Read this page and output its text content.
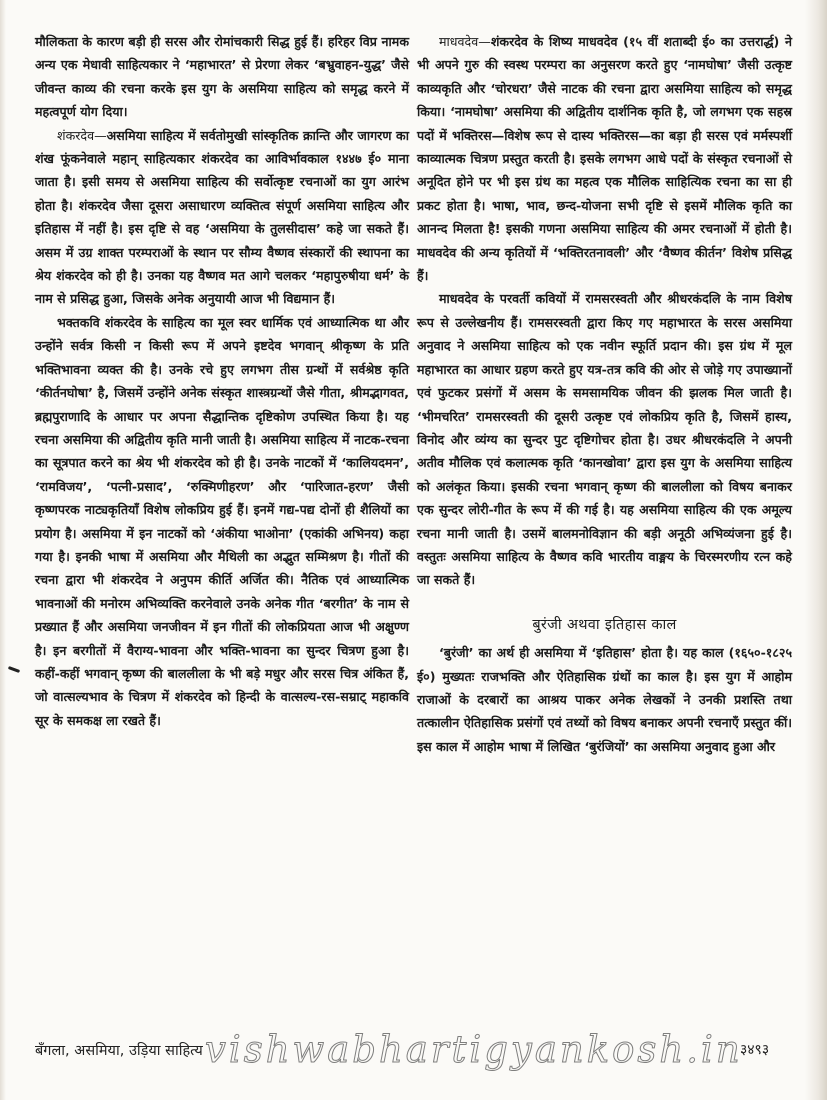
मौलिकता के कारण बड़ी ही सरस और रोमांचकारी सिद्ध हुई हैं। हरिहर विप्र नामक अन्य एक मेधावी साहित्यकार ने ‘महाभारत’ से प्रेरणा लेकर ‘बभ्रुवाहन-युद्ध’ जैसे जीवन्त काव्य की रचना करके इस युग के असमिया साहित्य को समृद्ध करने में महत्वपूर्ण योग दिया।

शंकरदेव—असमिया साहित्य में सर्वतोमुखी सांस्कृतिक क्रान्ति और जागरण का शंख फूंकनेवाले महान् साहित्यकार शंकरदेव का आविर्भावकाल १४४७ ई० माना जाता है। इसी समय से असमिया साहित्य की सर्वोत्कृष्ट रचनाओं का युग आरंभ होता है। शंकरदेव जैसा दूसरा असाधारण व्यक्तित्व संपूर्ण असमिया साहित्य और इतिहास में नहीं है। इस दृष्टि से वह ‘असमिया के तुलसीदास’ कहे जा सकते हैं। असम में उग्र शाक्त परम्पराओं के स्थान पर सौम्य वैष्णव संस्कारों की स्थापना का श्रेय शंकरदेव को ही है। उनका यह वैष्णव मत आगे चलकर ‘महापुरुषीया धर्म’ के नाम से प्रसिद्ध हुआ, जिसके अनेक अनुयायी आज भी विद्यमान हैं।

भक्तकवि शंकरदेव के साहित्य का मूल स्वर धार्मिक एवं आध्यात्मिक था और उन्होंने सर्वत्र किसी न किसी रूप में अपने इष्टदेव भगवान् श्रीकृष्ण के प्रति भक्तिभावना व्यक्त की है। उनके रचे हुए लगभग तीस ग्रन्थों में सर्वश्रेष्ठ कृति ‘कीर्तनघोषा’ है, जिसमें उन्होंने अनेक संस्कृत शास्त्रग्रन्थों जैसे गीता, श्रीमद्भागवत, ब्रह्मपुराणादि के आधार पर अपना सैद्धान्तिक दृष्टिकोण उपस्थित किया है। यह रचना असमिया की अद्वितीय कृति मानी जाती है। असमिया साहित्य में नाटक-रचना का सूत्रपात करने का श्रेय भी शंकरदेव को ही है। उनके नाटकों में ‘कालियदमन’, ‘रामविजय’, ‘पत्नी-प्रसाद’, ‘रुक्मिणीहरण’ और ‘पारिजात-हरण’ जैसी कृष्णपरक नाट्यकृतियाँ विशेष लोकप्रिय हुई हैं। इनमें गद्य-पद्य दोनों ही शैलियों का प्रयोग है। असमिया में इन नाटकों को ‘अंकीया भाओना’ (एकांकी अभिनय) कहा गया है। इनकी भाषा में असमिया और मैथिली का अद्भुत सम्मिश्रण है। गीतों की रचना द्वारा भी शंकरदेव ने अनुपम कीर्ति अर्जित की। नैतिक एवं आध्यात्मिक भावनाओं की मनोरम अभिव्यक्ति करनेवाले उनके अनेक गीत ‘बरगीत’ के नाम से प्रख्यात हैं और असमिया जनजीवन में इन गीतों की लोकप्रियता आज भी अक्षुण्ण है। इन बरगीतों में वैराग्य-भावना और भक्ति-भावना का सुन्दर चित्रण हुआ है। कहीं-कहीं भगवान् कृष्ण की बाललीला के भी बड़े मधुर और सरस चित्र अंकित हैं, जो वात्सल्यभाव के चित्रण में शंकरदेव को हिन्दी के वात्सल्य-रस-सम्राट् महाकवि सूर के समकक्ष ला रखते हैं।

माधवदेव—शंकरदेव के शिष्य माधवदेव (१५ वीं शताब्दी ई० का उत्तरार्द्ध) ने भी अपने गुरु की स्वस्थ परम्परा का अनुसरण करते हुए ‘नामघोषा’ जैसी उत्कृष्ट काव्यकृति और ‘चोरधरा’ जैसे नाटक की रचना द्वारा असमिया साहित्य को समृद्ध किया। ‘नामघोषा’ असमिया की अद्वितीय दार्शनिक कृति है, जो लगभग एक सहस्र पदों में भक्तिरस—विशेष रूप से दास्य भक्तिरस—का बड़ा ही सरस एवं मर्मस्पर्शी काव्यात्मक चित्रण प्रस्तुत करती है। इसके लगभग आधे पदों के संस्कृत रचनाओं से अनूदित होने पर भी इस ग्रंथ का महत्व एक मौलिक साहित्यिक रचना का सा ही प्रकट होता है। भाषा, भाव, छन्द-योजना सभी दृष्टि से इसमें मौलिक कृति का आनन्द मिलता है! इसकी गणना असमिया साहित्य की अमर रचनाओं में होती है। माधवदेव की अन्य कृतियों में ‘भक्तिरतनावली’ और ‘वैष्णव कीर्तन’ विशेष प्रसिद्ध हैं।

माधवदेव के परवर्ती कवियों में रामसरस्वती और श्रीधरकंदलि के नाम विशेष रूप से उल्लेखनीय हैं। रामसरस्वती द्वारा किए गए महाभारत के सरस असमिया अनुवाद ने असमिया साहित्य को एक नवीन स्फूर्ति प्रदान की। इस ग्रंथ में मूल महाभारत का आधार ग्रहण करते हुए यत्र-तत्र कवि की ओर से जोड़े गए उपाख्यानों एवं फुटकर प्रसंगों में असम के समसामयिक जीवन की झलक मिल जाती है। ‘भीमचरित’ रामसरस्वती की दूसरी उत्कृष्ट एवं लोकप्रिय कृति है, जिसमें हास्य, विनोद और व्यंग्य का सुन्दर पुट दृष्टिगोचर होता है। उधर श्रीधरकंदलि ने अपनी अतीव मौलिक एवं कलात्मक कृति ‘कानखोवा’ द्वारा इस युग के असमिया साहित्य को अलंकृत किया। इसकी रचना भगवान् कृष्ण की बाललीला को विषय बनाकर एक सुन्दर लोरी-गीत के रूप में की गई है। यह असमिया साहित्य की एक अमूल्य रचना मानी जाती है। उसमें बालमनोविज्ञान की बड़ी अनूठी अभिव्यंजना हुई है। वस्तुतः असमिया साहित्य के वैष्णव कवि भारतीय वाङ्मय के चिरस्मरणीय रत्न कहे जा सकते हैं।

बुरंजी अथवा इतिहास काल

‘बुरंजी’ का अर्थ ही असमिया में ‘इतिहास’ होता है। यह काल (१६५०-१८२५ ई०) मुख्यतः राजभक्ति और ऐतिहासिक ग्रंथों का काल है। इस युग में आहोम राजाओं के दरबारों का आश्रय पाकर अनेक लेखकों ने उनकी प्रशस्ति तथा तत्कालीन ऐतिहासिक प्रसंगों एवं तथ्यों को विषय बनाकर अपनी रचनाएँ प्रस्तुत कीं। इस काल में आहोम भाषा में लिखित ‘बुरंजियों’ का असमिया अनुवाद हुआ और

बँगला, असमिया, उड़िया साहित्य vishwabhartigyankosh.in
३४९३
